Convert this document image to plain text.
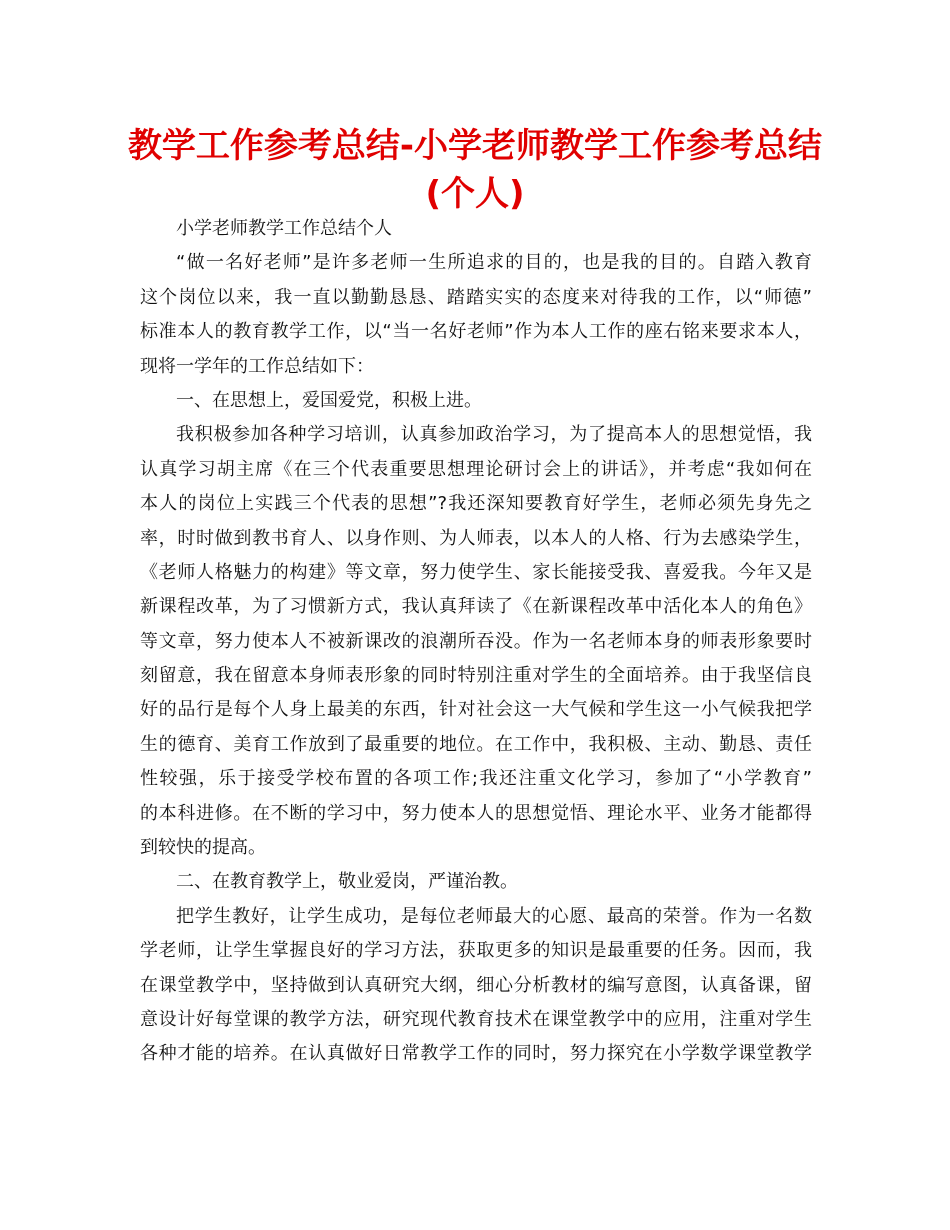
教学工作参考总结-小学老师教学工作参考总结
(个人)
小学老师教学工作总结个人
“做一名好老师”是许多老师一生所追求的目的，也是我的目的。自踏入教育
这个岗位以来，我一直以勤勤恳恳、踏踏实实的态度来对待我的工作，以“师德”
标准本人的教育教学工作，以“当一名好老师”作为本人工作的座右铭来要求本人，
现将一学年的工作总结如下：
一、在思想上，爱国爱党，积极上进。
我积极参加各种学习培训，认真参加政治学习，为了提高本人的思想觉悟，我
认真学习胡主席《在三个代表重要思想理论研讨会上的讲话》，并考虑“我如何在
本人的岗位上实践三个代表的思想”?我还深知要教育好学生，老师必须先身先之
率，时时做到教书育人、以身作则、为人师表，以本人的人格、行为去感染学生，
《老师人格魅力的构建》等文章，努力使学生、家长能接受我、喜爱我。今年又是
新课程改革，为了习惯新方式，我认真拜读了《在新课程改革中活化本人的角色》
等文章，努力使本人不被新课改的浪潮所吞没。作为一名老师本身的师表形象要时
刻留意，我在留意本身师表形象的同时特别注重对学生的全面培养。由于我坚信良
好的品行是每个人身上最美的东西，针对社会这一大气候和学生这一小气候我把学
生的德育、美育工作放到了最重要的地位。在工作中，我积极、主动、勤恳、责任
性较强，乐于接受学校布置的各项工作;我还注重文化学习，参加了“小学教育”
的本科进修。在不断的学习中，努力使本人的思想觉悟、理论水平、业务才能都得
到较快的提高。
二、在教育教学上，敬业爱岗，严谨治教。
把学生教好，让学生成功，是每位老师最大的心愿、最高的荣誉。作为一名数
学老师，让学生掌握良好的学习方法，获取更多的知识是最重要的任务。因而，我
在课堂教学中，坚持做到认真研究大纲，细心分析教材的编写意图，认真备课，留
意设计好每堂课的教学方法，研究现代教育技术在课堂教学中的应用，注重对学生
各种才能的培养。在认真做好日常教学工作的同时，努力探究在小学数学课堂教学
